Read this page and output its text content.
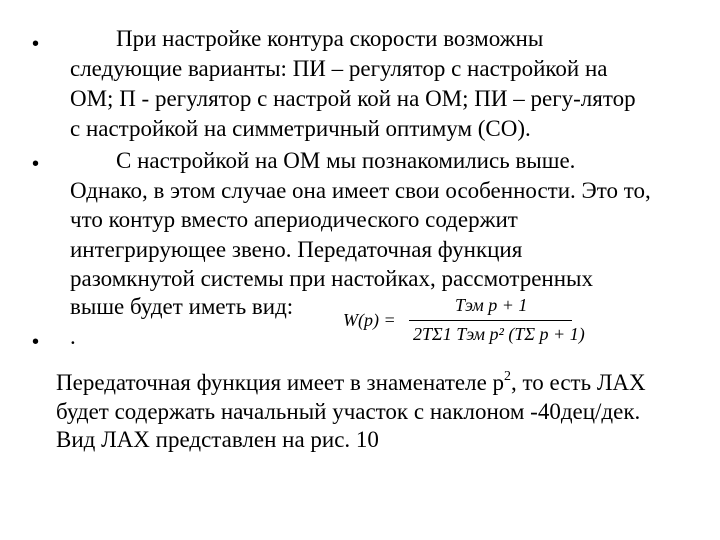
•	При настройке контура скорости возможны
следующие варианты: ПИ – регулятор с настройкой на
ОМ; П - регулятор с настрой кой на ОМ; ПИ – регу-лятор
с настройкой на симметричный оптимум (СО).
•	С настройкой на ОМ мы познакомились выше.
Однако, в этом случае она имеет свои особенности. Это то,
что контур вместо апериодического содержит
интегрирующее звено. Передаточная функция
разомкнутой системы при настойках, рассмотренных
выше будет иметь вид:
W(p) =
Tэм p + 1
2TΣ1 Tэм p² (TΣ p + 1)
• .
Передаточная функция имеет в знаменателе $р^2$, то есть ЛАХ
будет содержать начальный участок с наклоном -40дец/дек.
Вид ЛАХ представлен на рис. 10
